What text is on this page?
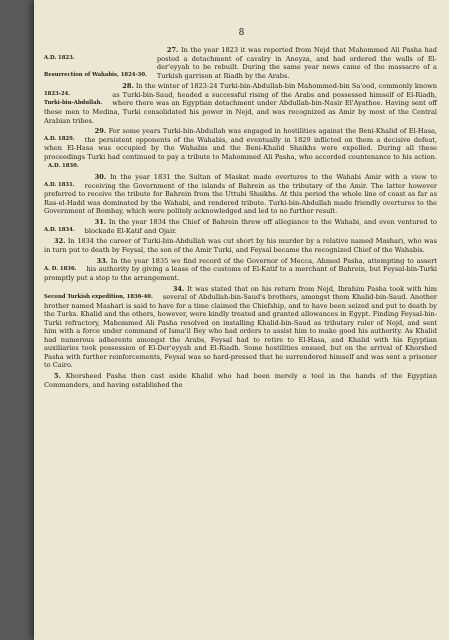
8

27.
A.D. 1823.

Resurrection of Wahabis, 1824-30.
In the year 1823 it was reported from Nejd that Mahommed Ali Pasha had posted a detachment of cavalry in Aneyza, and had ordered the walls of El-der'eyyah to be rebuilt. During the same year news came of the massacre of a Turkish garrison at Riadh by the Arabs.

28.
1823-24.
Turki-bin-Abdullah.
In the winter of 1823-24 Turki-bin-Abdullah-bin Mahommed-bin Sa'ood, commonly known as Turki-bin-Saud, headed a successful rising of the Arabs and possessed himself of El-Riadh, where there was an Egyptian detachment under Abdullah-bin-Nasir El'Ayathee. Having sent off these men to Medina, Turki consolidated his power in Nejd, and was recognized as Amir by most of the Central Arabian tribes.

29.
A.D. 1829.
For some years Turki-bin-Abdullah was engaged in hostilities against the Beni-Khalid of El-Hasa, the persistent opponents of the Wahabis, and eventually in 1829 inflicted on them a decisive defeat, when El-Hasa was occupied by the Wahabis and the Beni-Khalid Shaikhs were expelled. During all these proceedings Turki had continued to pay a tribute to Mahommed Ali Pasha, who accorded countenance to his action. A.D. 1830.

30.
A.D. 1831.
In the year 1831 the Sultan of Maskat made overtures to the Wahabi Amir with a view to receiving the Government of the islands of Bahrein as the tributary of the Amir. The latter however preferred to receive the tribute for Bahrein from the Uttubi Shaikhs. At this period the whole line of coast as far as Ras-el-Hadd was dominated by the Wahabi, and rendered tribute. Turki-bin-Abdullah made friendly overtures to the Government of Bombay, which were politely acknowledged and led to no further result.

31.
A.D. 1834.
In the year 1834 the Chief of Bahrein threw off allegiance to the Wahabi, and even ventured to blockade El-Katif and Ojair.

32. In 1834 the career of Turki-bin-Abdullah was cut short by his murder by a relative named Mashari, who was in turn put to death by Feysal, the son of the Amir Turki, and Feysal became the recognized Chief of the Wahabis.

33.
A. D. 1836.
In the year 1835 we find record of the Governor of Mecca, Ahmed Pasha, attempting to assert his authority by giving a lease of the customs of El-Katif to a merchant of Bahrein, but Feysal-bin-Turki promptly put a stop to the arrangement.

34.
Second Turkish expedition, 1836-40.
It was stated that on his return from Nejd, Ibrahim Pasha took with him several of Abdullah-bin-Saud's brothers, amongst them Khalid-bin-Saud. Another brother named Mashari is said to have for a time claimed the Chiefship, and to have been seized and put to death by the Turks. Khalid and the others, however, were kindly treated and granted allowances in Egypt. Finding Feysal-bin-Turki refractory, Mahommed Ali Pasha resolved on installing Khalid-bin-Saud as tributary ruler of Nejd, and sent him with a force under command of Isma'il Bey who had orders to assist him to make good his authority. As Khalid had numerous adherents amongst the Arabs, Feysal had to retire to El-Hasa, and Khalid with his Egyptian auxiliaries took possession of El-Der'eyyah and El-Riadh. Some hostilities ensued, but on the arrival of Khorshed Pasha with further reinforcements, Feysal was so hard-pressed that he surrendered himself and was sent a prisoner to Cairo.

5. Khorsheed Pasha then cast aside Khalid who had been merely a tool in the hands of the Egyptian Commanders, and having established the
